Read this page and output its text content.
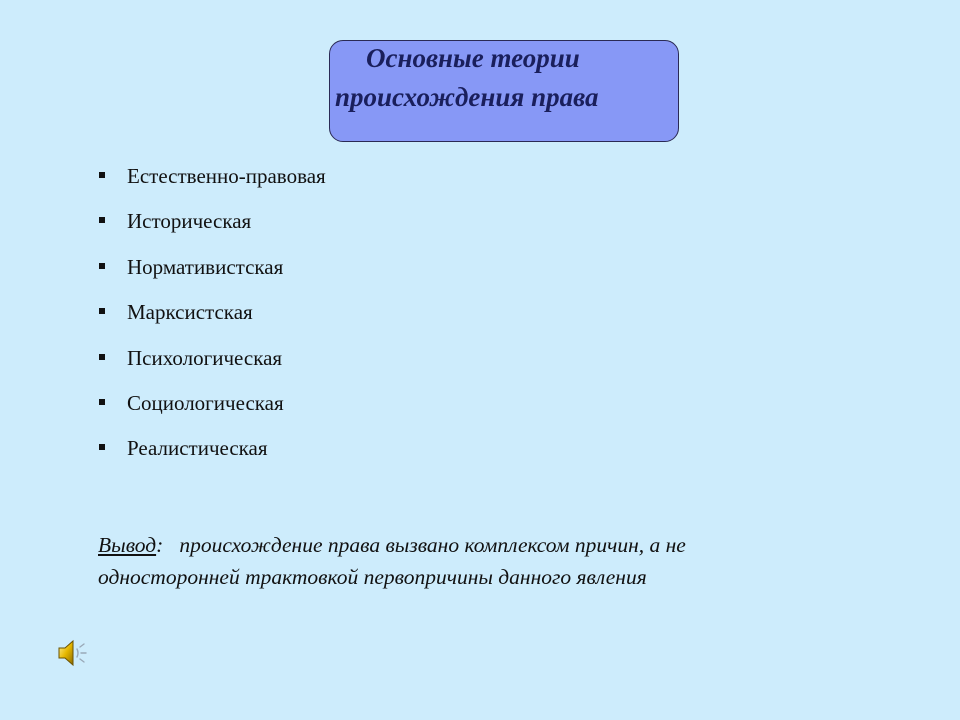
Основные теории
происхождения права
Естественно-правовая
Историческая
Нормативистская
Марксистская
Психологическая
Социологическая
Реалистическая
Вывод: происхождение права вызвано комплексом причин, а не
односторонней трактовкой первопричины данного явления
